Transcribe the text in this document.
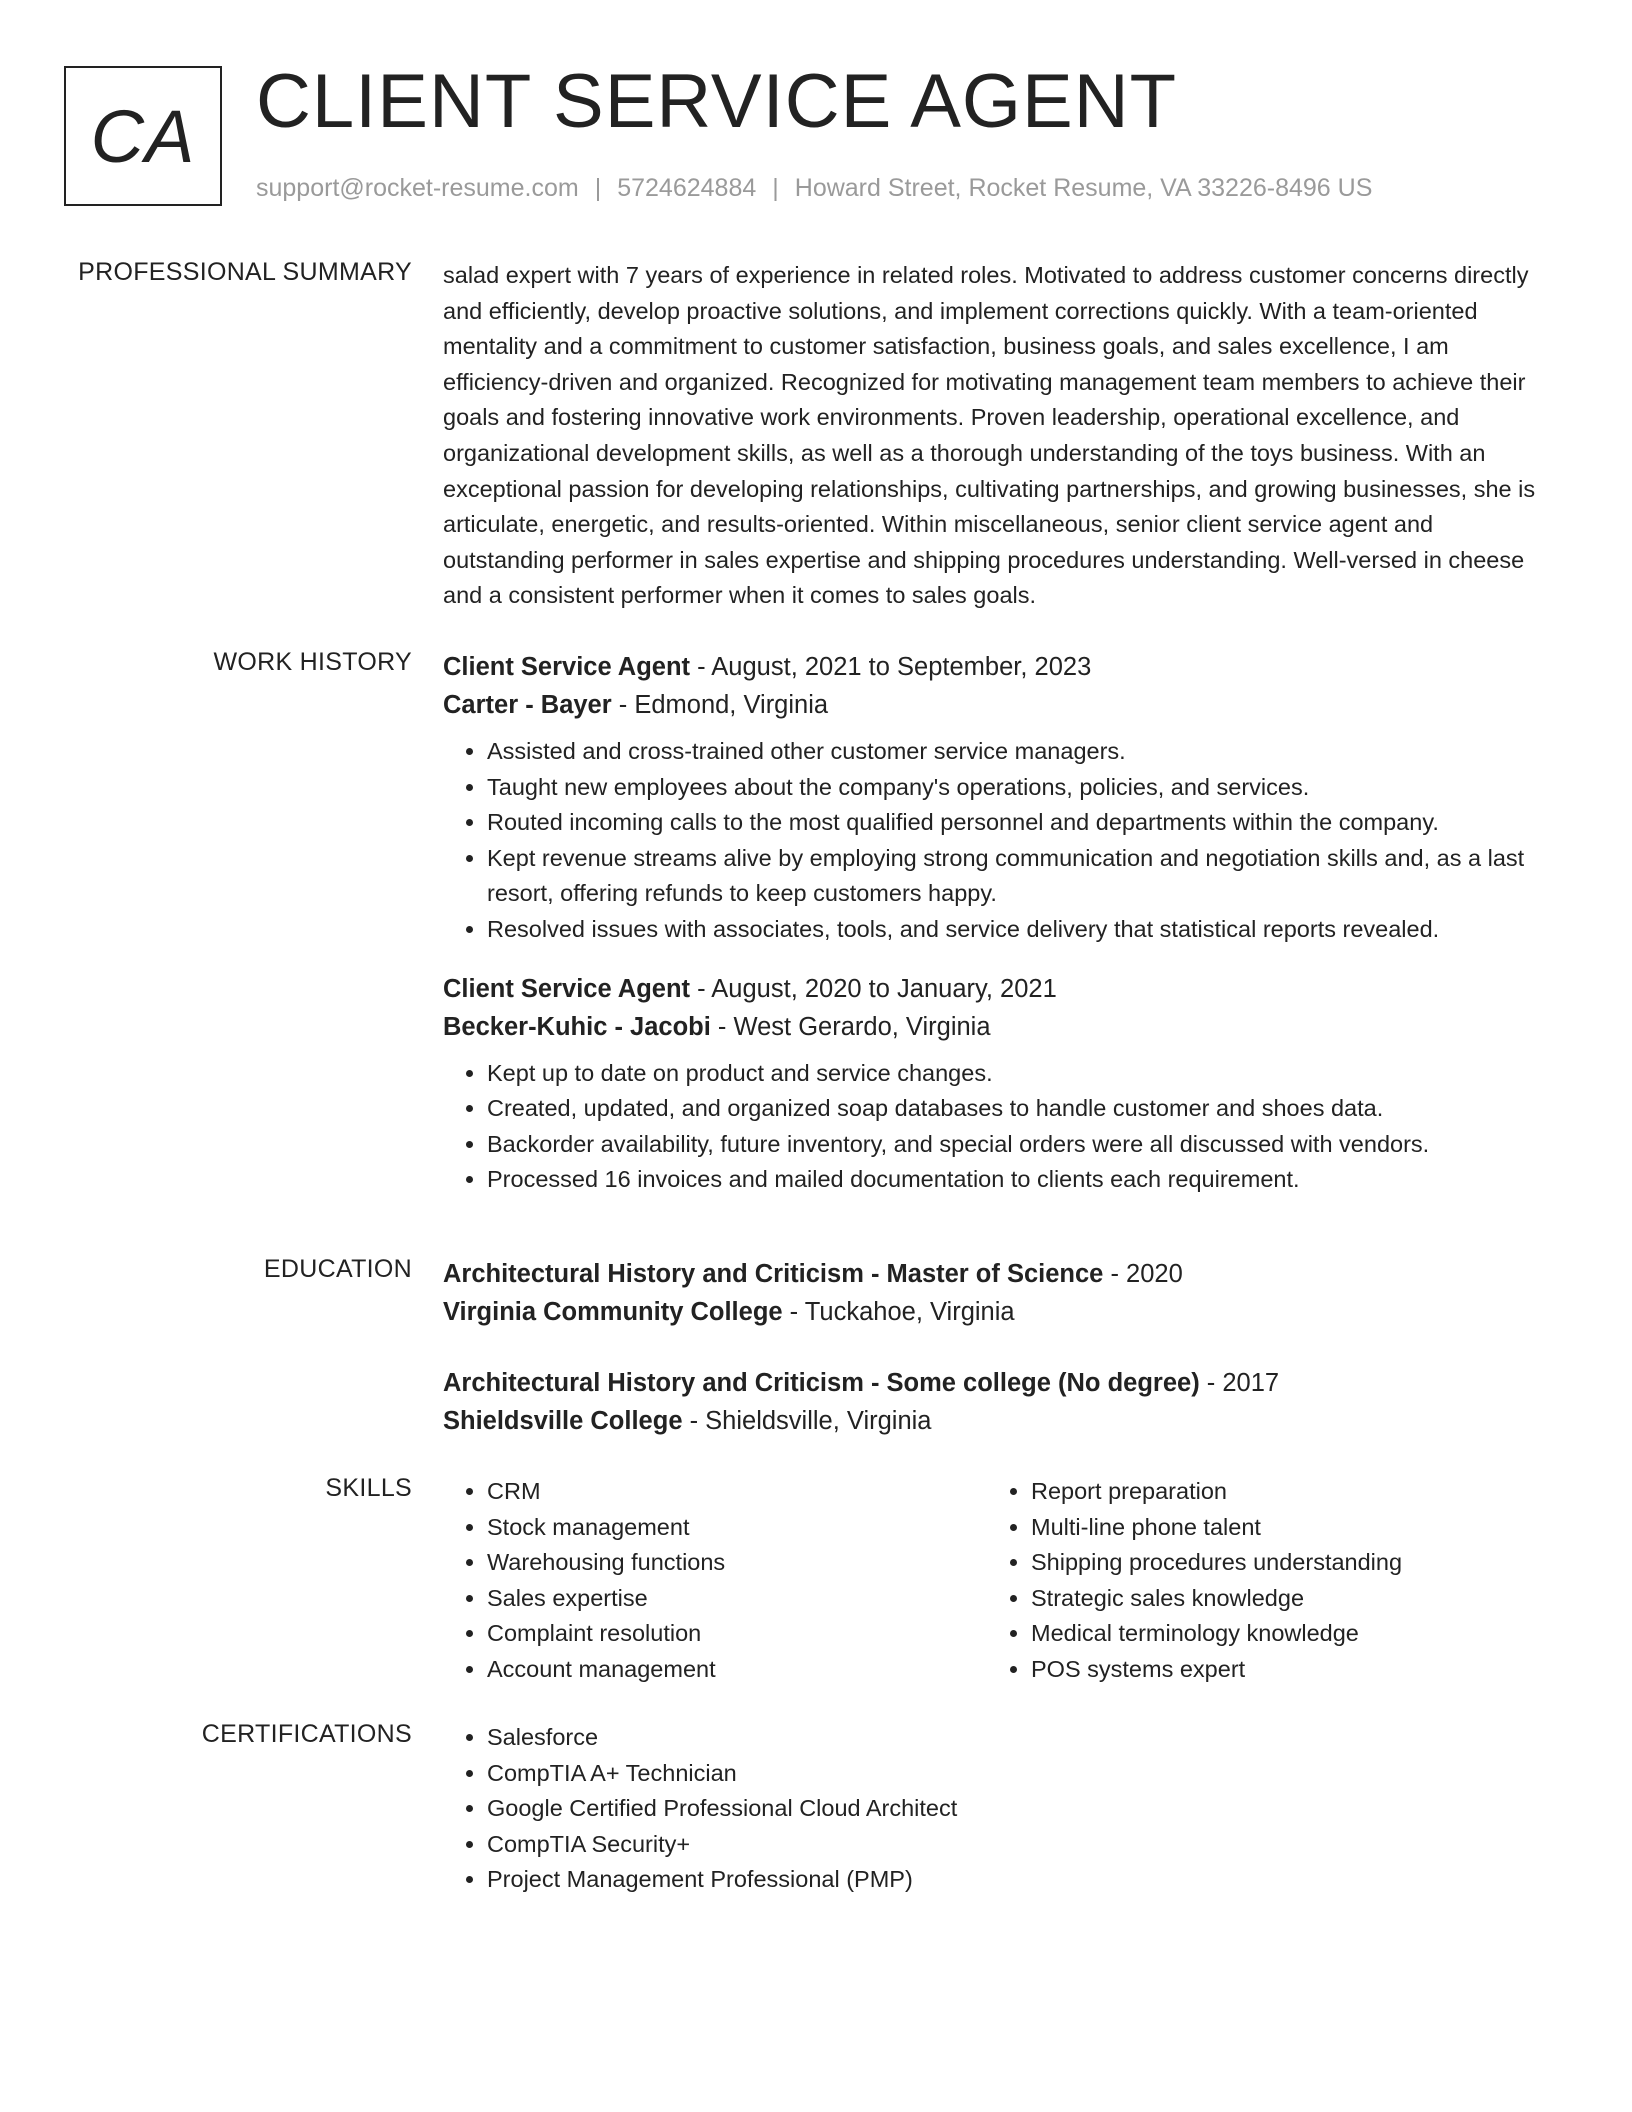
CA CLIENT SERVICE AGENT
support@rocket-resume.com | 5724624884 | Howard Street, Rocket Resume, VA 33226-8496 US
PROFESSIONAL SUMMARY salad expert with 7 years of experience in related roles. Motivated to address customer concerns directly and efficiently, develop proactive solutions, and implement corrections quickly. With a team-oriented mentality and a commitment to customer satisfaction, business goals, and sales excellence, I am efficiency-driven and organized. Recognized for motivating management team members to achieve their goals and fostering innovative work environments. Proven leadership, operational excellence, and organizational development skills, as well as a thorough understanding of the toys business. With an exceptional passion for developing relationships, cultivating partnerships, and growing businesses, she is articulate, energetic, and results-oriented. Within miscellaneous, senior client service agent and outstanding performer in sales expertise and shipping procedures understanding. Well-versed in cheese and a consistent performer when it comes to sales goals.

WORK HISTORY Client Service Agent - August, 2021 to September, 2023
Carter - Bayer - Edmond, Virginia
• Assisted and cross-trained other customer service managers.
• Taught new employees about the company's operations, policies, and services.
• Routed incoming calls to the most qualified personnel and departments within the company.
• Kept revenue streams alive by employing strong communication and negotiation skills and, as a last resort, offering refunds to keep customers happy.
• Resolved issues with associates, tools, and service delivery that statistical reports revealed.
Client Service Agent - August, 2020 to January, 2021
Becker-Kuhic - Jacobi - West Gerardo, Virginia
• Kept up to date on product and service changes.
• Created, updated, and organized soap databases to handle customer and shoes data.
• Backorder availability, future inventory, and special orders were all discussed with vendors.
• Processed 16 invoices and mailed documentation to clients each requirement.
EDUCATION Architectural History and Criticism - Master of Science - 2020
Virginia Community College - Tuckahoe, Virginia
Architectural History and Criticism - Some college (No degree) - 2017
Shieldsville College - Shieldsville, Virginia
SKILLS	• CRM
• Stock management
• Warehousing functions
• Sales expertise
• Complaint resolution
• Account management
• Report preparation
• Multi-line phone talent
• Shipping procedures understanding
• Strategic sales knowledge
• Medical terminology knowledge
• POS systems expert
CERTIFICATIONS	• Salesforce
• CompTIA A+ Technician
• Google Certified Professional Cloud Architect
• CompTIA Security+
• Project Management Professional (PMP)
